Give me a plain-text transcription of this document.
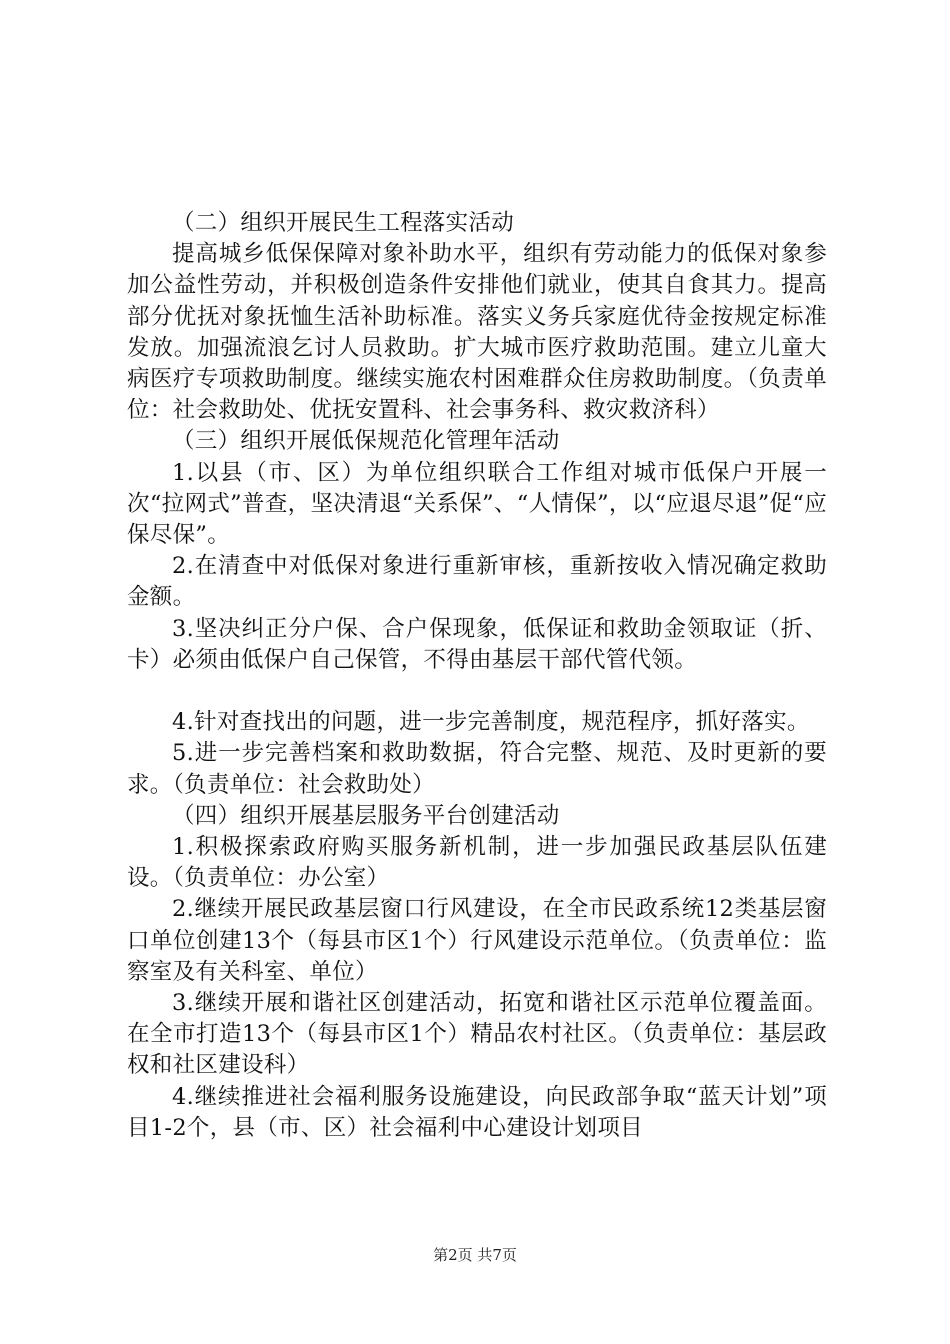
（二）组织开展民生工程落实活动

提高城乡低保保障对象补助水平，组织有劳动能力的低保对象参加公益性劳动，并积极创造条件安排他们就业，使其自食其力。提高部分优抚对象抚恤生活补助标准。落实义务兵家庭优待金按规定标准发放。加强流浪乞讨人员救助。扩大城市医疗救助范围。建立儿童大病医疗专项救助制度。继续实施农村困难群众住房救助制度。（负责单位：社会救助处、优抚安置科、社会事务科、救灾救济科）

（三）组织开展低保规范化管理年活动

1.以县（市、区）为单位组织联合工作组对城市低保户开展一次“拉网式”普查，坚决清退“关系保”、“人情保”，以“应退尽退”促“应保尽保”。

2.在清查中对低保对象进行重新审核，重新按收入情况确定救助金额。

3.坚决纠正分户保、合户保现象，低保证和救助金领取证（折、卡）必须由低保户自己保管，不得由基层干部代管代领。

4.针对查找出的问题，进一步完善制度，规范程序，抓好落实。

5.进一步完善档案和救助数据，符合完整、规范、及时更新的要求。（负责单位：社会救助处）

（四）组织开展基层服务平台创建活动

1.积极探索政府购买服务新机制，进一步加强民政基层队伍建设。（负责单位：办公室）

2.继续开展民政基层窗口行风建设，在全市民政系统12类基层窗口单位创建13个（每县市区1个）行风建设示范单位。（负责单位：监察室及有关科室、单位）

3.继续开展和谐社区创建活动，拓宽和谐社区示范单位覆盖面。在全市打造13个（每县市区1个）精品农村社区。（负责单位：基层政权和社区建设科）

4.继续推进社会福利服务设施建设，向民政部争取“蓝天计划”项目1-2个，县（市、区）社会福利中心建设计划项目

第2页 共7页
